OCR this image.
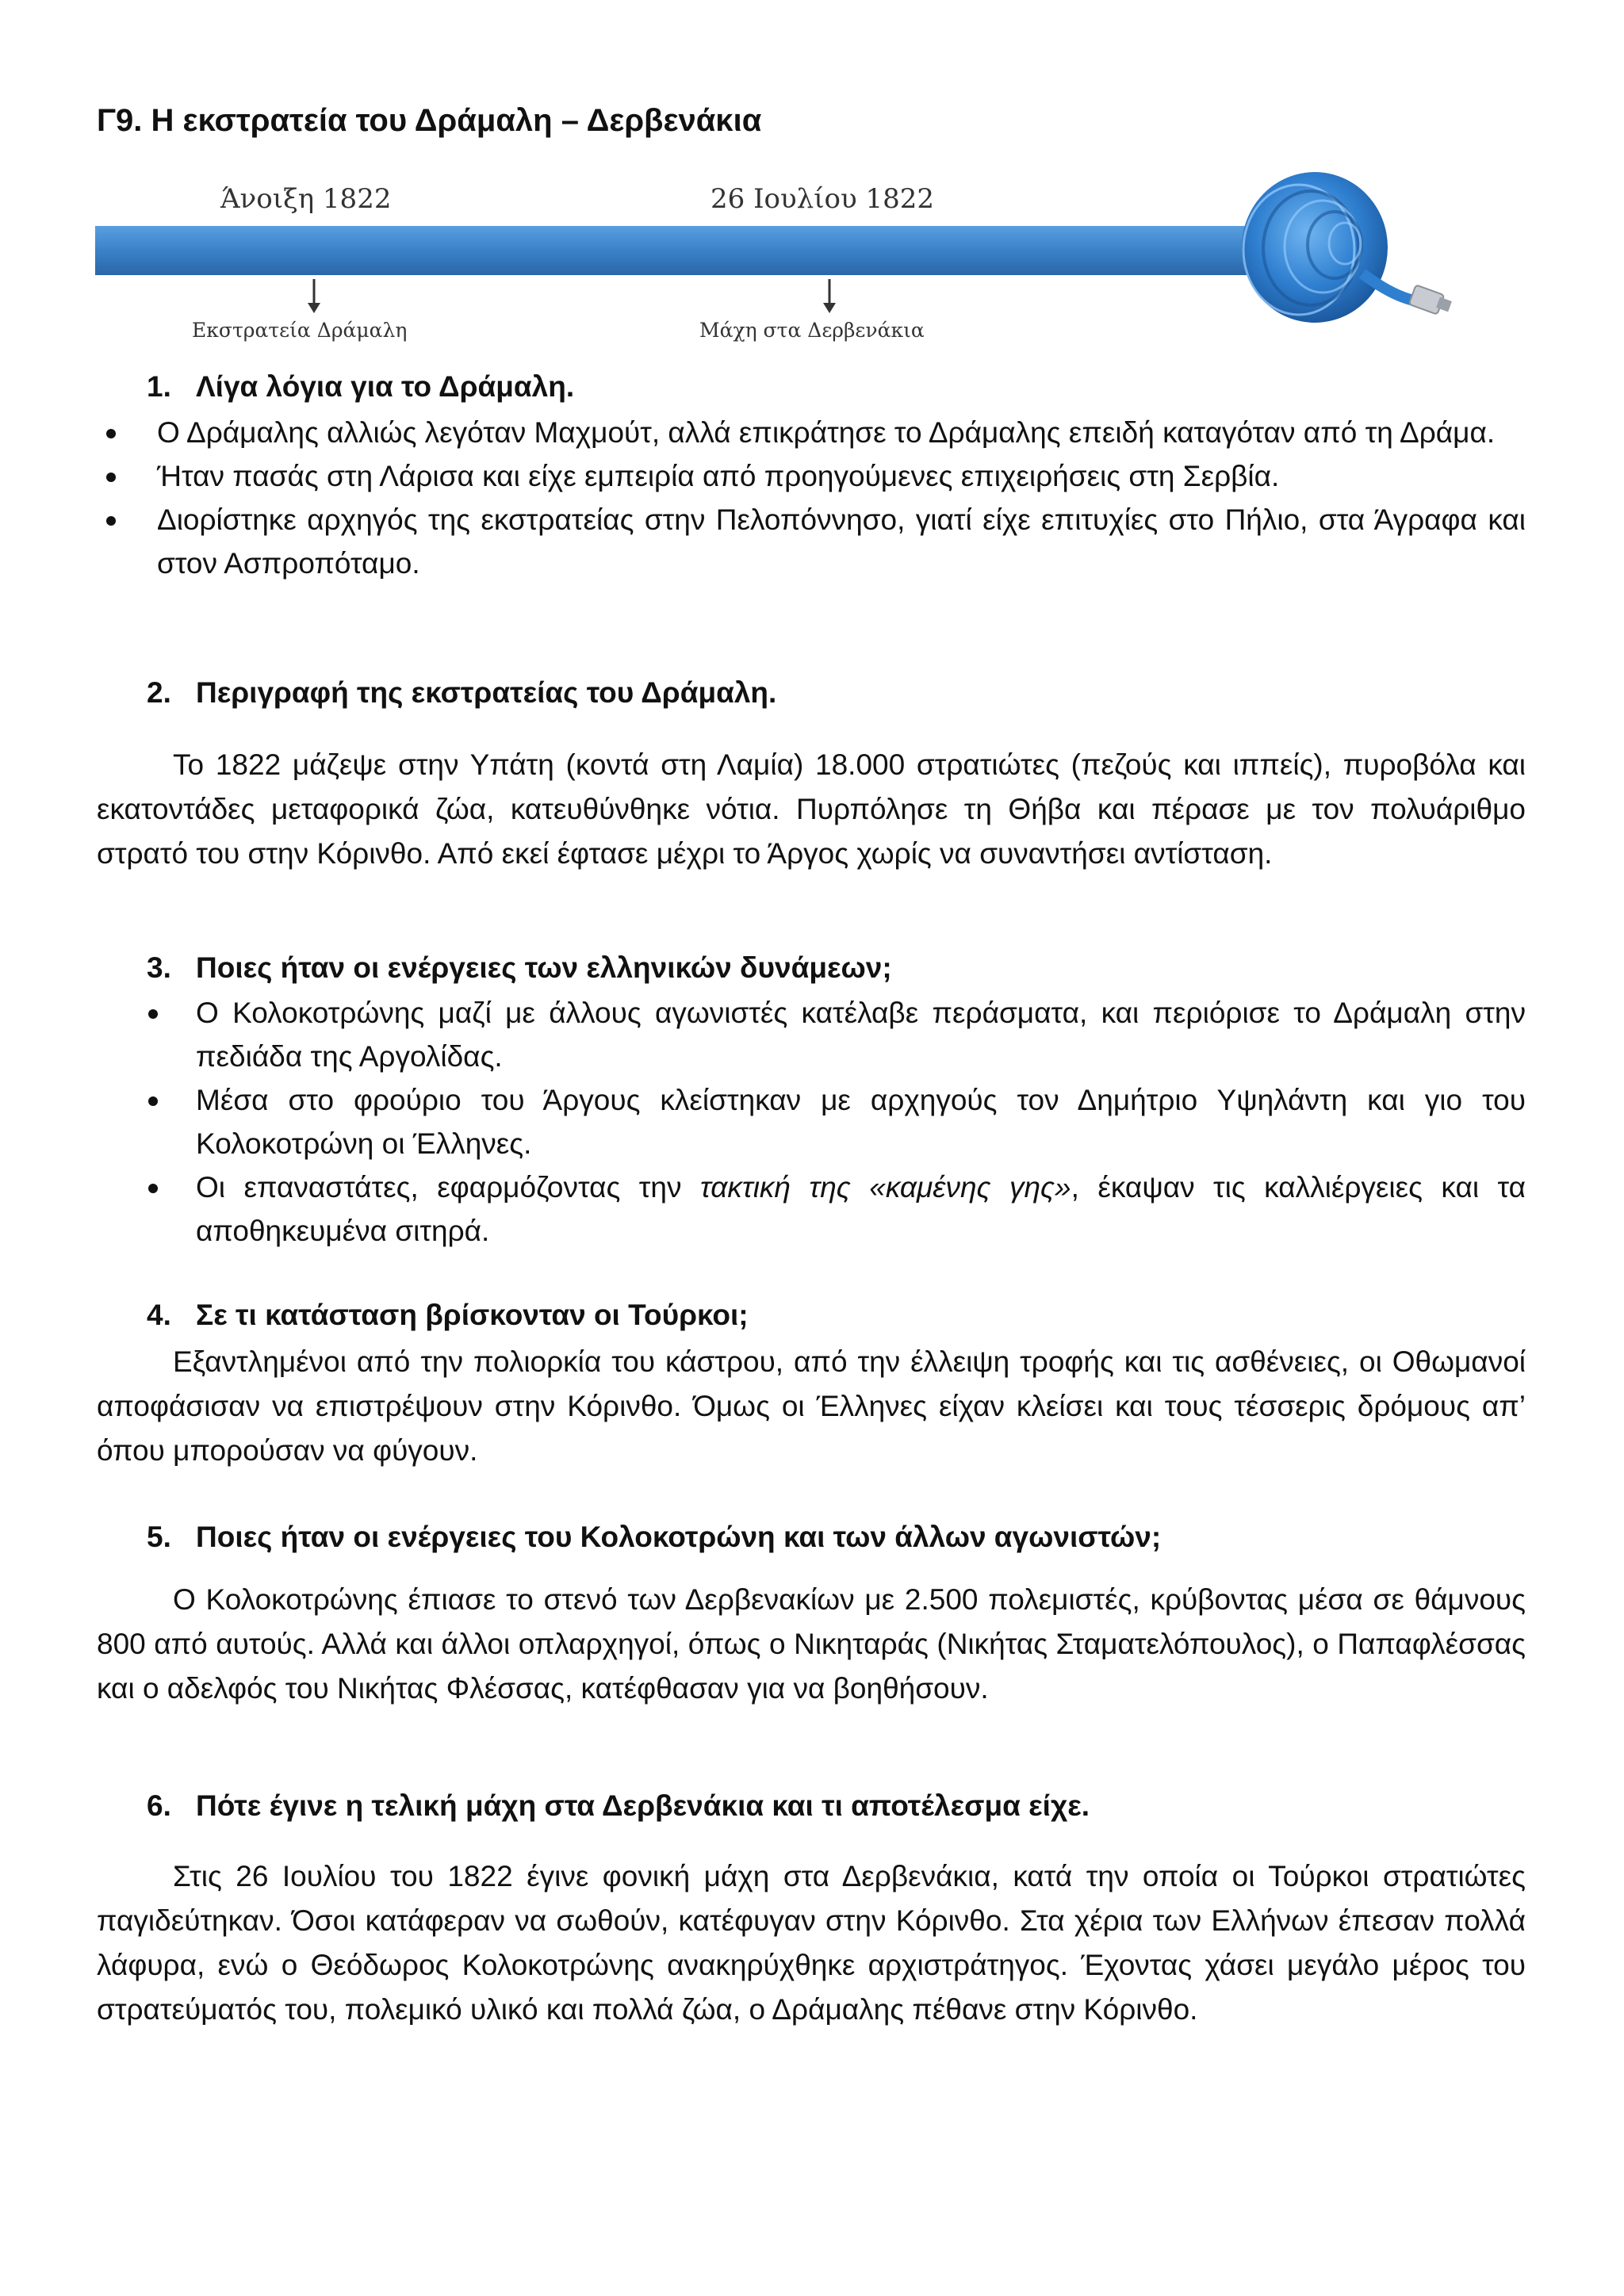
Γ9. Η εκστρατεία του Δράμαλη – Δερβενάκια
Άνοιξη 1822	26 Ιουλίου 1822
Εκστρατεία Δράμαλη	Μάχη στα Δερβενάκια
1. Λίγα λόγια για το Δράμαλη.
Ο Δράμαλης αλλιώς λεγόταν Μαχμούτ, αλλά επικράτησε το Δράμαλης επειδή καταγόταν από τη Δράμα.
Ήταν πασάς στη Λάρισα και είχε εμπειρία από προηγούμενες επιχειρήσεις στη Σερβία.
Διορίστηκε αρχηγός της εκστρατείας στην Πελοπόννησο, γιατί είχε επιτυχίες στο Πήλιο, στα Άγραφα και στον Ασπροπόταμο.
2. Περιγραφή της εκστρατείας του Δράμαλη.

Το 1822 μάζεψε στην Υπάτη (κοντά στη Λαμία) 18.000 στρατιώτες (πεζούς και ιππείς), πυροβόλα και εκατοντάδες μεταφορικά ζώα, κατευθύνθηκε νότια. Πυρπόλησε τη Θήβα και πέρασε με τον πολυάριθμο στρατό του στην Κόρινθο. Από εκεί έφτασε μέχρι το Άργος χωρίς να συναντήσει αντίσταση.

3. Ποιες ήταν οι ενέργειες των ελληνικών δυνάμεων;
Ο Κολοκοτρώνης μαζί με άλλους αγωνιστές κατέλαβε περάσματα, και περιόρισε το Δράμαλη στην πεδιάδα της Αργολίδας.
Μέσα στο φρούριο του Άργους κλείστηκαν με αρχηγούς τον Δημήτριο Υψηλάντη και γιο του Κολοκοτρώνη οι Έλληνες.
Οι επαναστάτες, εφαρμόζοντας την τακτική της «καμένης γης», έκαψαν τις καλλιέργειες και τα αποθηκευμένα σιτηρά.
4. Σε τι κατάσταση βρίσκονταν οι Τούρκοι;

Εξαντλημένοι από την πολιορκία του κάστρου, από την έλλειψη τροφής και τις ασθένειες, οι Οθωμανοί αποφάσισαν να επιστρέψουν στην Κόρινθο. Όμως οι Έλληνες είχαν κλείσει και τους τέσσερις δρόμους απ’ όπου μπορούσαν να φύγουν.

5. Ποιες ήταν οι ενέργειες του Κολοκοτρώνη και των άλλων αγωνιστών;

Ο Κολοκοτρώνης έπιασε το στενό των Δερβενακίων με 2.500 πολεμιστές, κρύβοντας μέσα σε θάμνους 800 από αυτούς. Αλλά και άλλοι οπλαρχηγοί, όπως ο Νικηταράς (Νικήτας Σταματελόπουλος), ο Παπαφλέσσας και ο αδελφός του Νικήτας Φλέσσας, κατέφθασαν για να βοηθήσουν.

6. Πότε έγινε η τελική μάχη στα Δερβενάκια και τι αποτέλεσμα είχε.

Στις 26 Ιουλίου του 1822 έγινε φονική μάχη στα Δερβενάκια, κατά την οποία οι Τούρκοι στρατιώτες παγιδεύτηκαν. Όσοι κατάφεραν να σωθούν, κατέφυγαν στην Κόρινθο. Στα χέρια των Ελλήνων έπεσαν πολλά λάφυρα, ενώ ο Θεόδωρος Κολοκοτρώνης ανακηρύχθηκε αρχιστράτηγος. Έχοντας χάσει μεγάλο μέρος του στρατεύματός του, πολεμικό υλικό και πολλά ζώα, ο Δράμαλης πέθανε στην Κόρινθο.
